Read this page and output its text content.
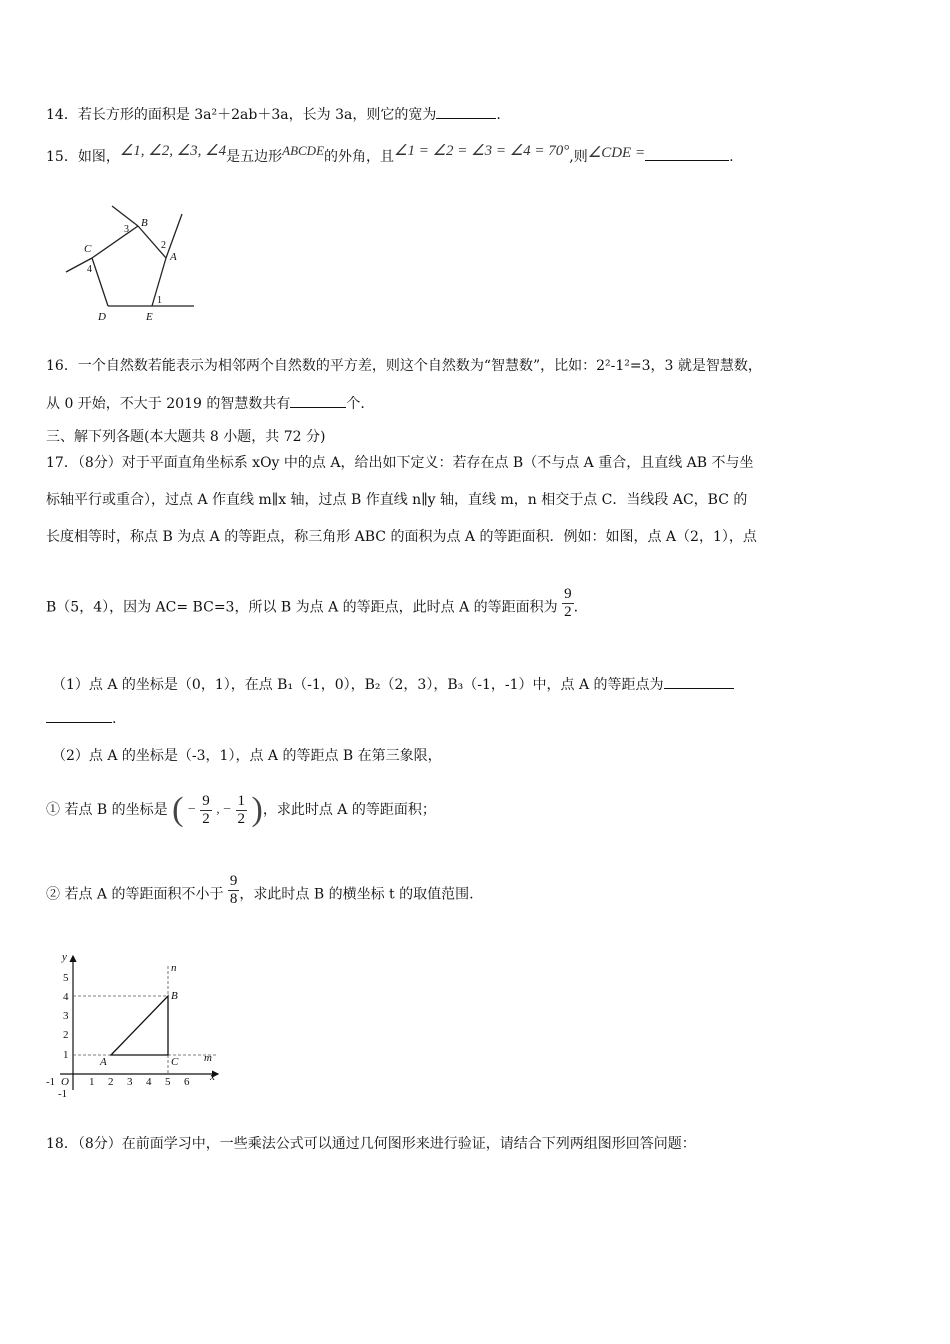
14．若长方形的面积是 3a²＋2ab＋3a，长为 3a，则它的宽为	.
15．如图，∠1, ∠2, ∠3, ∠4是五边形ABCDE的外角，且∠1 = ∠2 = ∠3 = ∠4 = 70°,则∠CDE =	.
B
3
2
A
C
4
D	E
1
16．一个自然数若能表示为相邻两个自然数的平方差，则这个自然数为“智慧数”，比如：2²-1²=3，3 就是智慧数，
从 0 开始，不大于 2019 的智慧数共有	个.
三、解下列各题(本大题共 8 小题，共 72 分)
17．（8分）对于平面直角坐标系 xOy 中的点 A，给出如下定义：若存在点 B（不与点 A 重合，且直线 AB 不与坐
标轴平行或重合），过点 A 作直线 m∥x 轴，过点 B 作直线 n∥y 轴，直线 m，n 相交于点 C．当线段 AC，BC 的
长度相等时，称点 B 为点 A 的等距点，称三角形 ABC 的面积为点 A 的等距面积．例如：如图，点 A（2，1），点
B（5，4），因为 AC= BC=3，所以 B 为点 A 的等距点，此时点 A 的等距面积为 $\frac{9}{2}$ .
（1）点 A 的坐标是（0，1），在点 B₁（-1，0），B₂（2，3），B₃（-1，-1）中，点 A 的等距点为
.
（2）点 A 的坐标是（-3，1），点 A 的等距点 B 在第三象限，
① 若点 B 的坐标是 ( − $\frac{9}{2}$ , − $\frac{1}{2}$ )，求此时点 A 的等距面积；
② 若点 A 的等距面积不小于 $\frac{9}{8}$ ，求此时点 B 的横坐标 t 的取值范围.
y
x
O
5
4
3
2
1
-1
-1	1 2 3 4 5 6
A
B
C
n
m
18．（8分）在前面学习中，一些乘法公式可以通过几何图形来进行验证，请结合下列两组图形回答问题：
